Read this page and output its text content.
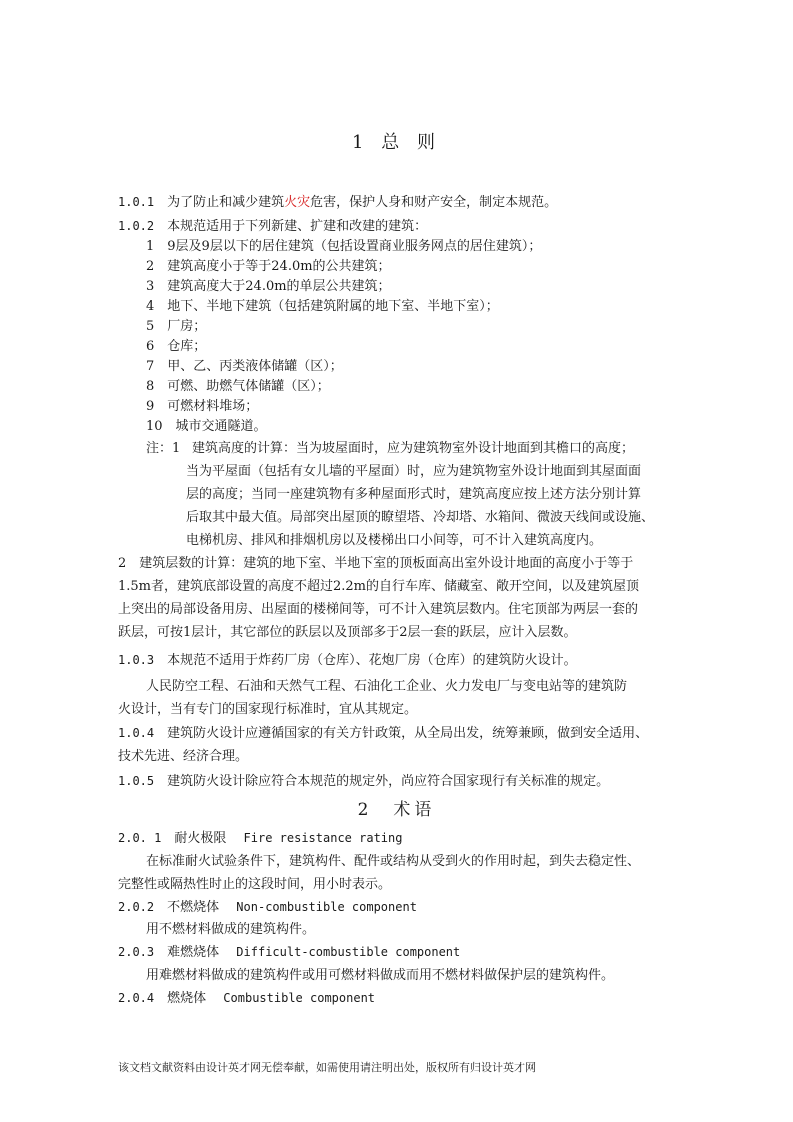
1 总 则
1.0.1　 为了防止和减少建筑火灾危害，保护人身和财产安全，制定本规范。
1.0.2　 本规范适用于下列新建、扩建和改建的建筑：
1　9层及9层以下的居住建筑（包括设置商业服务网点的居住建筑）；
2　建筑高度小于等于24.0m的公共建筑；
3　建筑高度大于24.0m的单层公共建筑；
4　地下、半地下建筑（包括建筑附属的地下室、半地下室）；
5　厂房；
6　仓库；
7　甲、乙、丙类液体储罐（区）；
8　可燃、助燃气体储罐（区）；
9　可燃材料堆场；
10　城市交通隧道。
注：1 建筑高度的计算：当为坡屋面时，应为建筑物室外设计地面到其檐口的高度；
当为平屋面（包括有女儿墙的平屋面）时，应为建筑物室外设计地面到其屋面面
层的高度；当同一座建筑物有多种屋面形式时，建筑高度应按上述方法分别计算
后取其中最大值。局部突出屋顶的瞭望塔、冷却塔、水箱间、微波天线间或设施、
电梯机房、排风和排烟机房以及楼梯出口小间等，可不计入建筑高度内。
2　建筑层数的计算：建筑的地下室、半地下室的顶板面高出室外设计地面的高度小于等于
1.5m者，建筑底部设置的高度不超过2.2m的自行车库、储藏室、敞开空间，以及建筑屋顶
上突出的局部设备用房、出屋面的楼梯间等，可不计入建筑层数内。住宅顶部为两层一套的
跃层，可按1层计，其它部位的跃层以及顶部多于2层一套的跃层，应计入层数。
1.0.3　 本规范不适用于炸药厂房（仓库）、花炮厂房（仓库）的建筑防火设计。
人民防空工程、石油和天然气工程、石油化工企业、火力发电厂与变电站等的建筑防
火设计，当有专门的国家现行标准时，宜从其规定。
1.0.4　 建筑防火设计应遵循国家的有关方针政策，从全局出发，统筹兼顾，做到安全适用、
技术先进、经济合理。
1.0.5　 建筑防火设计除应符合本规范的规定外，尚应符合国家现行有关标准的规定。
2　术语
2.0. 1　 耐火极限　 Fire resistance rating
在标准耐火试验条件下，建筑构件、配件或结构从受到火的作用时起，到失去稳定性、
完整性或隔热性时止的这段时间，用小时表示。
2.0.2　 不燃烧体　 Non-combustible component
用不燃材料做成的建筑构件。
2.0.3　 难燃烧体　 Difficult-combustible component
用难燃材料做成的建筑构件或用可燃材料做成而用不燃材料做保护层的建筑构件。
2.0.4　 燃烧体　 Combustible component
该文档文献资料由设计英才网无偿奉献，如需使用请注明出处，版权所有归设计英才网
